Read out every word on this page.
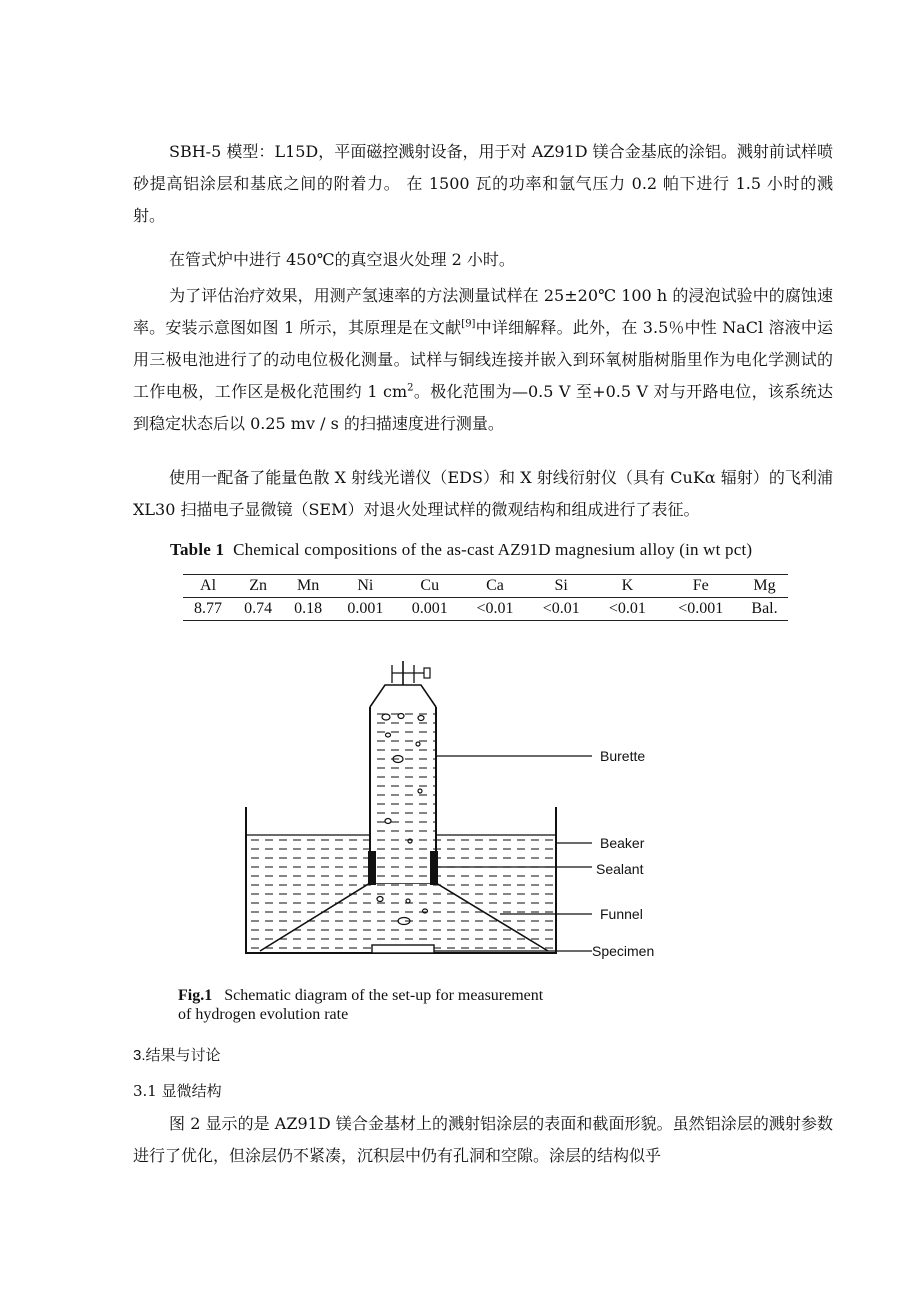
SBH-5 模型：L15D，平面磁控溅射设备，用于对 AZ91D 镁合金基底的涂铝。溅射前试样喷砂提高铝涂层和基底之间的附着力。 在 1500 瓦的功率和氩气压力 0.2 帕下进行 1.5 小时的溅射。

在管式炉中进行 450℃的真空退火处理 2 小时。

为了评估治疗效果，用测产氢速率的方法测量试样在 25±20℃ 100 h 的浸泡试验中的腐蚀速率。安装示意图如图 1 所示，其原理是在文献[9]中详细解释。此外，在 3.5％中性 NaCl 溶液中运用三极电池进行了的动电位极化测量。试样与铜线连接并嵌入到环氧树脂树脂里作为电化学测试的工作电极，工作区是极化范围约 1 $cm^2$。极化范围为—0.5 V 至+0.5 V 对与开路电位，该系统达到稳定状态后以 0.25 mv / s 的扫描速度进行测量。

使用一配备了能量色散 X 射线光谱仪（EDS）和 X 射线衍射仪（具有 CuKα 辐射）的飞利浦 XL30 扫描电子显微镜（SEM）对退火处理试样的微观结构和组成进行了表征。

Table 1 Chemical compositions of the as-cast AZ91D magnesium alloy (in wt pct)
Al	Zn	Mn	Ni	Cu	Ca	Si	K	Fe	Mg
8.77	0.74	0.18	0.001	0.001	<0.01	<0.01	<0.01	<0.001	Bal.
Burette
Beaker
Sealant
Funnel
Specimen
Fig.1 Schematic diagram of the set-up for measurement
of hydrogen evolution rate
3.结果与讨论
3.1 显微结构

图 2 显示的是 AZ91D 镁合金基材上的溅射铝涂层的表面和截面形貌。虽然铝涂层的溅射参数进行了优化，但涂层仍不紧凑，沉积层中仍有孔洞和空隙。涂层的结构似乎
